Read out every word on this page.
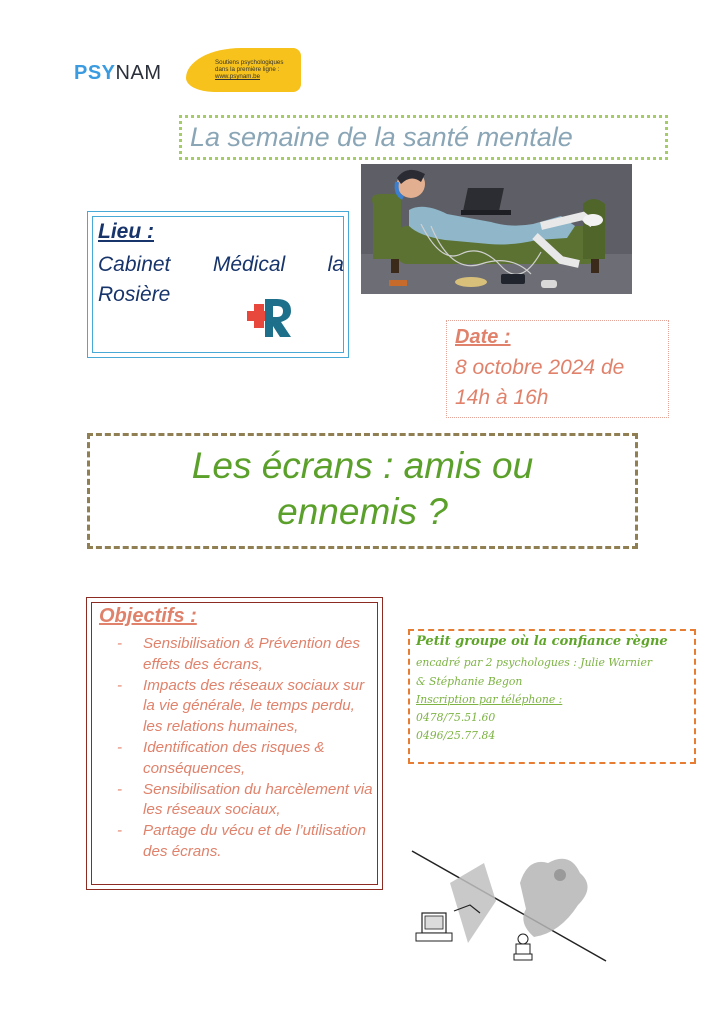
PSYNAM	Soutiens psychologiques
dans la première ligne :
www.psynam.be
La semaine de la santé mentale
Lieu :
Cabinet Médical la
Rosière
Date :
8 octobre 2024 de
14h à 16h
Les écrans : amis ou
ennemis ?
Objectifs :
- Sensibilisation & Prévention des effets des écrans,
- Impacts des réseaux sociaux sur la vie générale, le temps perdu, les relations humaines,
- Identification des risques & conséquences,
- Sensibilisation du harcèlement via les réseaux sociaux,
- Partage du vécu et de l’utilisation des écrans.
Petit groupe où la confiance règne
encadré par 2 psychologues : Julie Warnier
& Stéphanie Begon
Inscription par téléphone :
0478/75.51.60
0496/25.77.84
